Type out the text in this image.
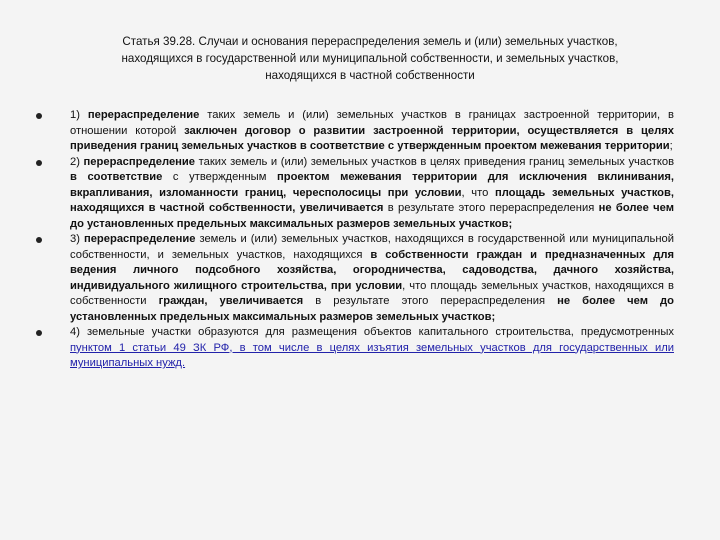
Статья 39.28. Случаи и основания перераспределения земель и (или) земельных участков,
находящихся в государственной или муниципальной собственности, и земельных участков,
находящихся в частной собственности
1) перераспределение таких земель и (или) земельных участков в границах застроенной территории, в отношении которой заключен договор о развитии застроенной территории, осуществляется в целях приведения границ земельных участков в соответствие с утвержденным проектом межевания территории;
2) перераспределение таких земель и (или) земельных участков в целях приведения границ земельных участков в соответствие с утвержденным проектом межевания территории для исключения вклинивания, вкрапливания, изломанности границ, чересполосицы при условии, что площадь земельных участков, находящихся в частной собственности, увеличивается в результате этого перераспределения не более чем до установленных предельных максимальных размеров земельных участков;
3) перераспределение земель и (или) земельных участков, находящихся в государственной или муниципальной собственности, и земельных участков, находящихся в собственности граждан и предназначенных для ведения личного подсобного хозяйства, огородничества, садоводства, дачного хозяйства, индивидуального жилищного строительства, при условии, что площадь земельных участков, находящихся в собственности граждан, увеличивается в результате этого перераспределения не более чем до установленных предельных максимальных размеров земельных участков;
4) земельные участки образуются для размещения объектов капитального строительства, предусмотренных пунктом 1 статьи 49 ЗК РФ, в том числе в целях изъятия земельных участков для государственных или муниципальных нужд.
